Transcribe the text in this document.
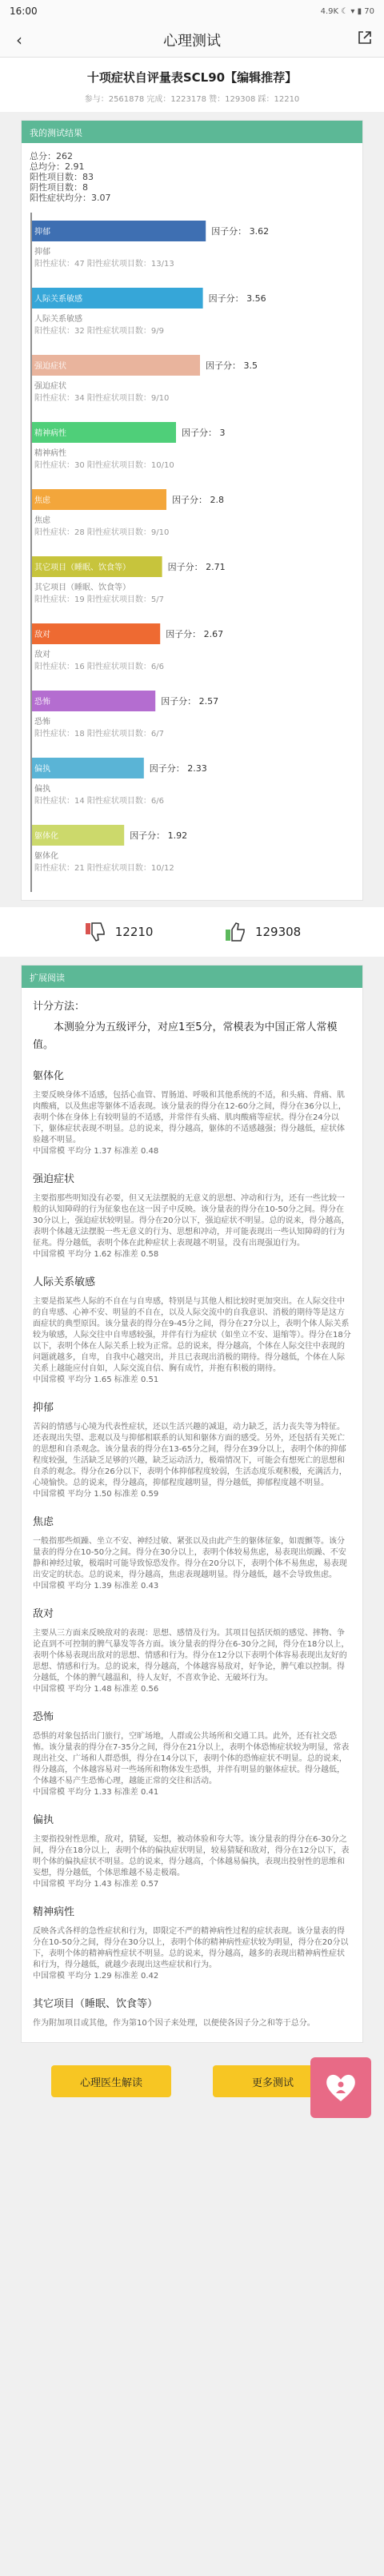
16:00	4.9K ☾ ▾ ▮ 70
‹	心理测试
十项症状自评量表SCL90【编辑推荐】
参与：2561878 完成：1223178 赞：129308 踩：12210
我的测试结果
总分：262
总均分：2.91
阳性项目数：83
阴性项目数：8
阳性症状均分：3.07
抑郁	因子分： 3.62
抑郁
阳性症状：47 阳性症状项目数：13/13
人际关系敏感	因子分： 3.56
人际关系敏感
阳性症状：32 阳性症状项目数：9/9
强迫症状	因子分： 3.5
强迫症状
阳性症状：34 阳性症状项目数：9/10
精神病性	因子分： 3
精神病性
阳性症状：30 阳性症状项目数：10/10
焦虑	因子分： 2.8
焦虑
阳性症状：28 阳性症状项目数：9/10
其它项目（睡眠、饮食等）	因子分： 2.71
其它项目（睡眠、饮食等）
阳性症状：19 阳性症状项目数：5/7
敌对	因子分： 2.67
敌对
阳性症状：16 阳性症状项目数：6/6
恐怖	因子分： 2.57
恐怖
阳性症状：18 阳性症状项目数：6/7
偏执	因子分： 2.33
偏执
阳性症状：14 阳性症状项目数：6/6
躯体化	因子分： 1.92
躯体化
阳性症状：21 阳性症状项目数：10/12
12210	129308
扩展阅读
计分方法：
本测验分为五级评分，对应1至5分，常模表为中国正常人常模值。
躯体化
主要反映身体不适感，包括心血管、胃肠道、呼吸和其他系统的不适，和头痛、背痛、肌肉酸痛，以及焦虑等躯体不适表现。该分量表的得分在12-60分之间，得分在36分以上，表明个体在身体上有较明显的不适感，并常伴有头痛、肌肉酸痛等症状。得分在24分以下，躯体症状表现不明显。总的说来，得分越高，躯体的不适感越强；得分越低，症状体验越不明显。
中国常模 平均分 1.37 标准差 0.48
强迫症状
主要指那些明知没有必要，但又无法摆脱的无意义的思想、冲动和行为，还有一些比较一般的认知障碍的行为征象也在这一因子中反映。该分量表的得分在10-50分之间。得分在30分以上，强迫症状较明显。得分在20分以下，强迫症状不明显。总的说来，得分越高，表明个体越无法摆脱一些无意义的行为、思想和冲动，并可能表现出一些认知障碍的行为征兆。得分越低，表明个体在此种症状上表现越不明显，没有出现强迫行为。
中国常模 平均分 1.62 标准差 0.58
人际关系敏感
主要是指某些人际的不自在与自卑感，特别是与其他人相比较时更加突出。在人际交往中的自卑感、心神不安、明显的不自在，以及人际交流中的自我意识、消极的期待等是这方面症状的典型原因。该分量表的得分在9-45分之间，得分在27分以上，表明个体人际关系较为敏感，人际交往中自卑感较强，并伴有行为症状（如坐立不安、退缩等）。得分在18分以下，表明个体在人际关系上较为正常。总的说来，得分越高，个体在人际交往中表现的问题就越多，自卑，自我中心越突出，并且已表现出消极的期待。得分越低，个体在人际关系上越能应付自如，人际交流自信、胸有成竹，并抱有积极的期待。
中国常模 平均分 1.65 标准差 0.51
抑郁
苦闷的情感与心境为代表性症状，还以生活兴趣的减退，动力缺乏，活力丧失等为特征。还表现出失望、悲观以及与抑郁相联系的认知和躯体方面的感受。另外，还包括有关死亡的思想和自杀观念。该分量表的得分在13-65分之间，得分在39分以上，表明个体的抑郁程度较强，生活缺乏足够的兴趣，缺乏运动活力，极端情况下，可能会有想死亡的思想和自杀的观念。得分在26分以下，表明个体抑郁程度较弱，生活态度乐观积极，充满活力，心境愉快。总的说来，得分越高，抑郁程度越明显，得分越低，抑郁程度越不明显。
中国常模 平均分 1.50 标准差 0.59
焦虑
一般指那些烦躁、坐立不安、神经过敏、紧张以及由此产生的躯体征象，如震颤等。该分量表的得分在10-50分之间。得分在30分以上，表明个体较易焦虑，易表现出烦躁、不安静和神经过敏，极端时可能导致惊恐发作。得分在20分以下，表明个体不易焦虑，易表现出安定的状态。总的说来，得分越高，焦虑表现越明显。得分越低，越不会导致焦虑。
中国常模 平均分 1.39 标准差 0.43
敌对
主要从三方面来反映敌对的表现：思想、感情及行为。其项目包括厌烦的感觉、摔物、争论直到不可控制的脾气暴发等各方面。该分量表的得分在6-30分之间，得分在18分以上，表明个体易表现出敌对的思想、情感和行为。得分在12分以下表明个体容易表现出友好的思想、情感和行为。总的说来，得分越高，个体越容易敌对，好争论，脾气难以控制。得分越低，个体的脾气越温和，待人友好，不喜欢争论、无破坏行为。
中国常模 平均分 1.48 标准差 0.56
恐怖
恐惧的对象包括出门旅行，空旷场地，人群或公共场所和交通工具。此外，还有社交恐怖。该分量表的得分在7-35分之间，得分在21分以上，表明个体恐怖症状较为明显，常表现出社交、广场和人群恐惧，得分在14分以下，表明个体的恐怖症状不明显。总的说来，得分越高，个体越容易对一些场所和物体发生恐惧，并伴有明显的躯体症状。得分越低，个体越不易产生恐怖心理，越能正常的交往和活动。
中国常模 平均分 1.33 标准差 0.41
偏执
主要指投射性思维，敌对，猜疑，妄想，被动体验和夸大等。该分量表的得分在6-30分之间，得分在18分以上，表明个体的偏执症状明显，较易猜疑和敌对，得分在12分以下，表明个体的偏执症状不明显。总的说来，得分越高，个体越易偏执，表现出投射性的思维和妄想，得分越低，个体思维越不易走极端。
中国常模 平均分 1.43 标准差 0.57
精神病性
反映各式各样的急性症状和行为，即限定不严的精神病性过程的症状表现。该分量表的得分在10-50分之间，得分在30分以上，表明个体的精神病性症状较为明显，得分在20分以下，表明个体的精神病性症状不明显。总的说来，得分越高，越多的表现出精神病性症状和行为，得分越低，就越少表现出这些症状和行为。
中国常模 平均分 1.29 标准差 0.42
其它项目（睡眠、饮食等）
作为附加项目或其他，作为第10个因子来处理，以便使各因子分之和等于总分。
心理医生解读	更多测试
